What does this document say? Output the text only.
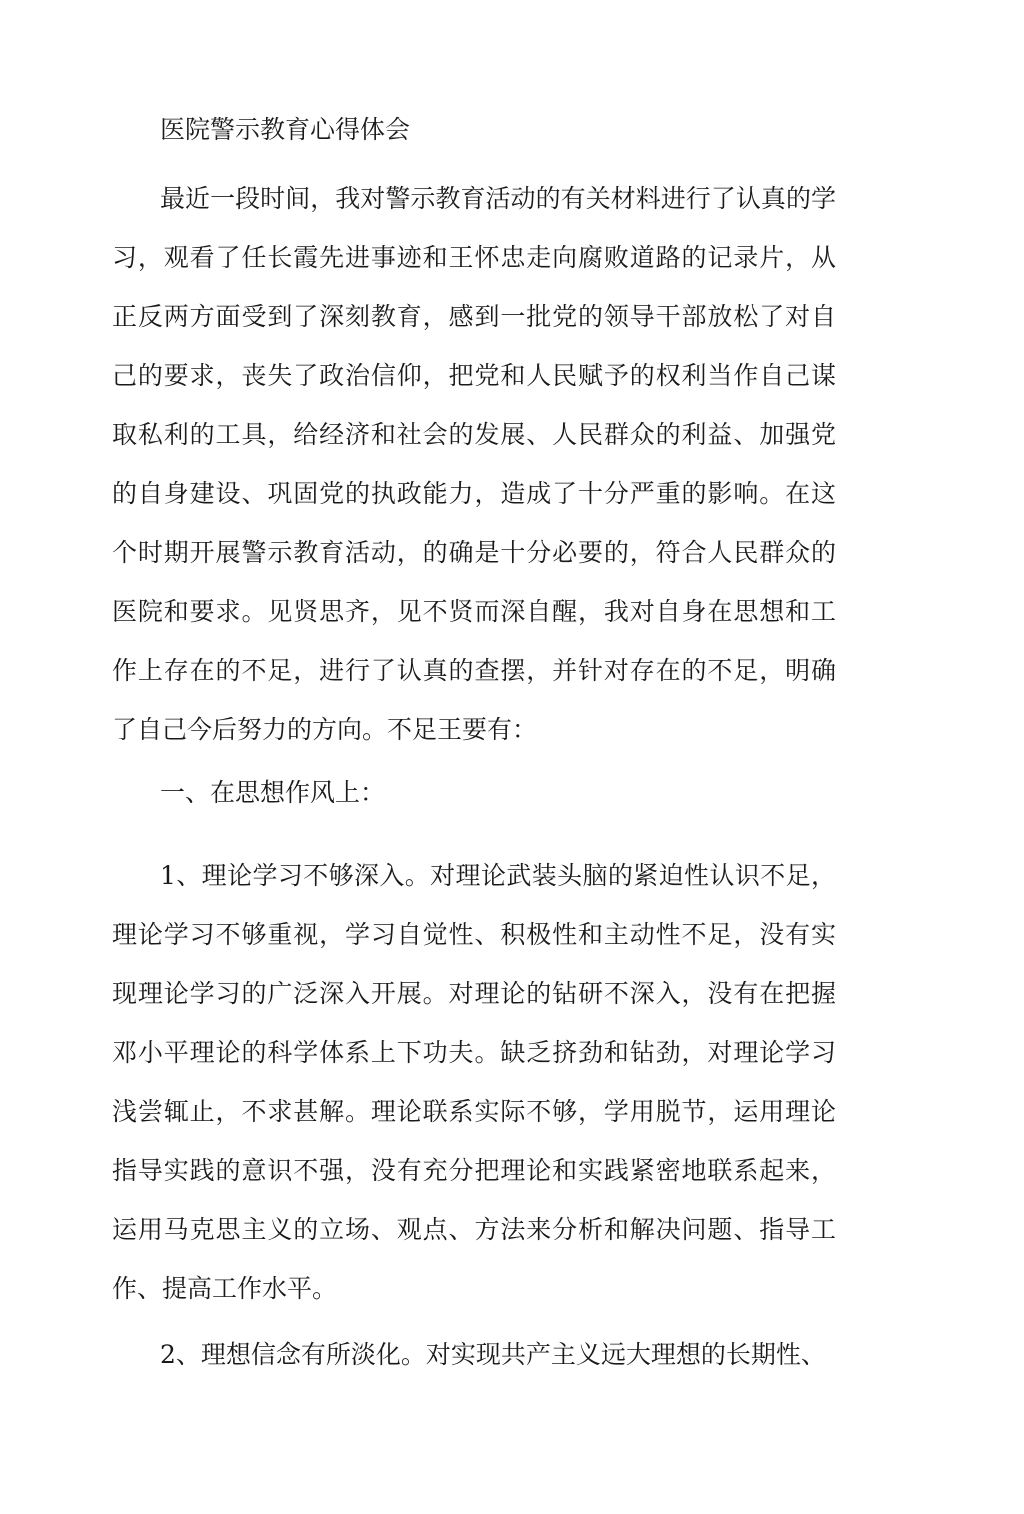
医院警示教育心得体会

最近一段时间，我对警示教育活动的有关材料进行了认真的学习，观看了任长霞先进事迹和王怀忠走向腐败道路的记录片，从正反两方面受到了深刻教育，感到一批党的领导干部放松了对自己的要求，丧失了政治信仰，把党和人民赋予的权利当作自己谋取私利的工具，给经济和社会的发展、人民群众的利益、加强党的自身建设、巩固党的执政能力，造成了十分严重的影响。在这个时期开展警示教育活动，的确是十分必要的，符合人民群众的医院和要求。见贤思齐，见不贤而深自醒，我对自身在思想和工作上存在的不足，进行了认真的查摆，并针对存在的不足，明确了自己今后努力的方向。不足王要有：

一、在思想作风上：

1、理论学习不够深入。对理论武装头脑的紧迫性认识不足，理论学习不够重视，学习自觉性、积极性和主动性不足，没有实现理论学习的广泛深入开展。对理论的钻研不深入，没有在把握邓小平理论的科学体系上下功夫。缺乏挤劲和钻劲，对理论学习浅尝辄止，不求甚解。理论联系实际不够，学用脱节，运用理论指导实践的意识不强，没有充分把理论和实践紧密地联系起来，运用马克思主义的立场、观点、方法来分析和解决问题、指导工作、提高工作水平。

2、理想信念有所淡化。对实现共产主义远大理想的长期性、
